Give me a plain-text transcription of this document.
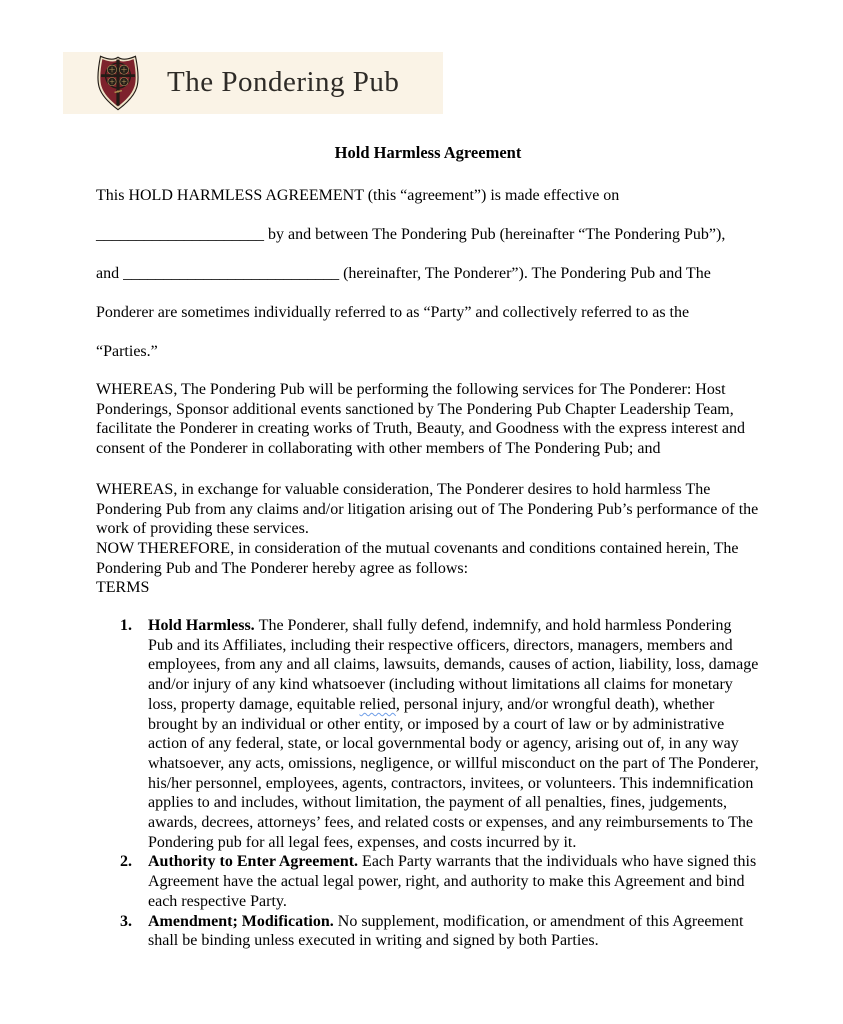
The Pondering Pub
Hold Harmless Agreement
This HOLD HARMLESS AGREEMENT (this “agreement”) is made effective on
_____________________ by and between The Pondering Pub (hereinafter “The Pondering Pub”),
and ___________________________ (hereinafter, The Ponderer”). The Pondering Pub and The
Ponderer are sometimes individually referred to as “Party” and collectively referred to as the
“Parties.”
WHEREAS, The Pondering Pub will be performing the following services for The Ponderer: Host Ponderings, Sponsor additional events sanctioned by The Pondering Pub Chapter Leadership Team, facilitate the Ponderer in creating works of Truth, Beauty, and Goodness with the express interest and consent of the Ponderer in collaborating with other members of The Pondering Pub; and
WHEREAS, in exchange for valuable consideration, The Ponderer desires to hold harmless The Pondering Pub from any claims and/or litigation arising out of The Pondering Pub’s performance of the work of providing these services.
NOW THEREFORE, in consideration of the mutual covenants and conditions contained herein, The Pondering Pub and The Ponderer hereby agree as follows:
TERMS
1. Hold Harmless. The Ponderer, shall fully defend, indemnify, and hold harmless Pondering Pub and its Affiliates, including their respective officers, directors, managers, members and employees, from any and all claims, lawsuits, demands, causes of action, liability, loss, damage and/or injury of any kind whatsoever (including without limitations all claims for monetary loss, property damage, equitable relied, personal injury, and/or wrongful death), whether brought by an individual or other entity, or imposed by a court of law or by administrative action of any federal, state, or local governmental body or agency, arising out of, in any way whatsoever, any acts, omissions, negligence, or willful misconduct on the part of The Ponderer, his/her personnel, employees, agents, contractors, invitees, or volunteers. This indemnification applies to and includes, without limitation, the payment of all penalties, fines, judgements, awards, decrees, attorneys’ fees, and related costs or expenses, and any reimbursements to The Pondering pub for all legal fees, expenses, and costs incurred by it.
2. Authority to Enter Agreement. Each Party warrants that the individuals who have signed this Agreement have the actual legal power, right, and authority to make this Agreement and bind each respective Party.
3. Amendment; Modification. No supplement, modification, or amendment of this Agreement shall be binding unless executed in writing and signed by both Parties.
